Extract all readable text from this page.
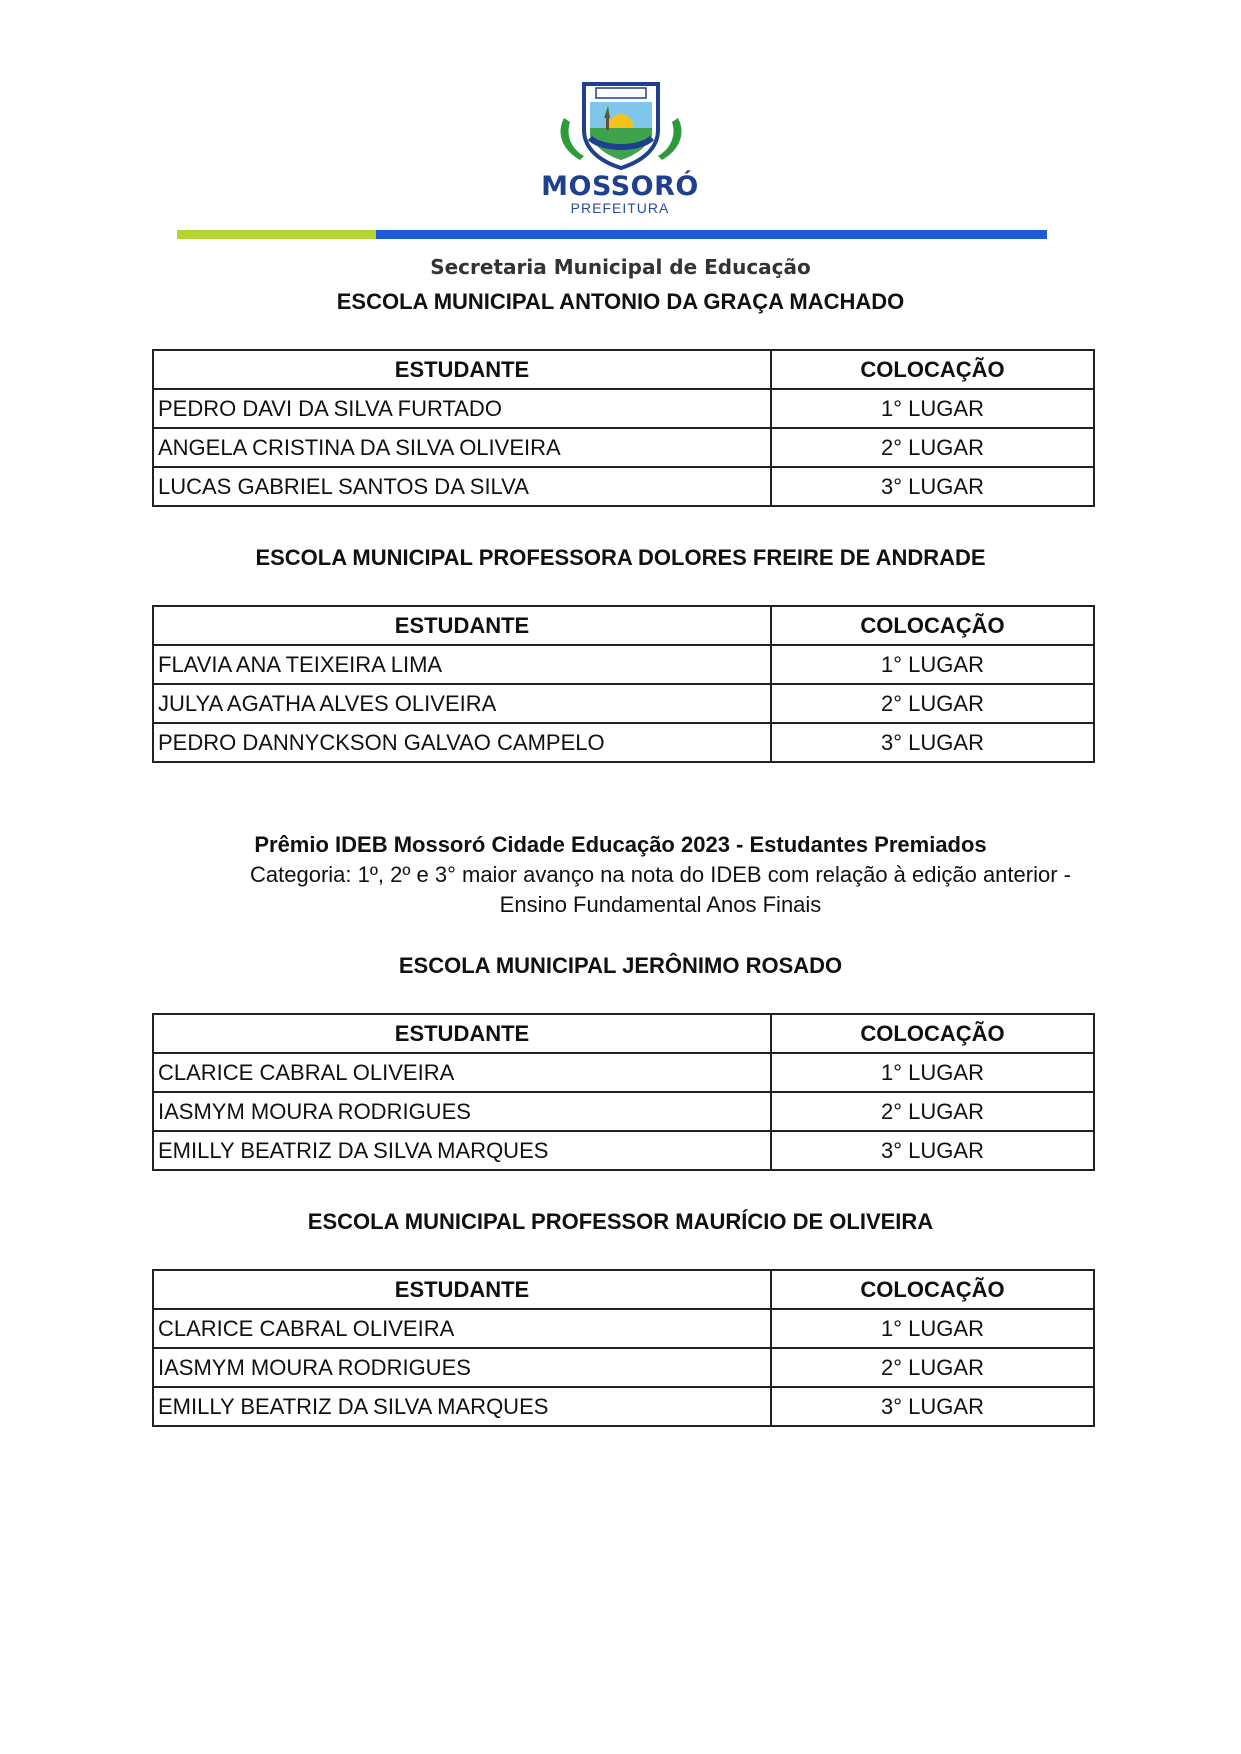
MOSSORÓ
PREFEITURA
Secretaria Municipal de Educação
ESCOLA MUNICIPAL ANTONIO DA GRAÇA MACHADO
ESTUDANTE	COLOCAÇÃO
PEDRO DAVI DA SILVA FURTADO	1° LUGAR
ANGELA CRISTINA DA SILVA OLIVEIRA	2° LUGAR
LUCAS GABRIEL SANTOS DA SILVA	3° LUGAR
ESCOLA MUNICIPAL PROFESSORA DOLORES FREIRE DE ANDRADE
ESTUDANTE	COLOCAÇÃO
FLAVIA ANA TEIXEIRA LIMA	1° LUGAR
JULYA AGATHA ALVES OLIVEIRA	2° LUGAR
PEDRO DANNYCKSON GALVAO CAMPELO	3° LUGAR
Prêmio IDEB Mossoró Cidade Educação 2023 - Estudantes Premiados
Categoria: 1º, 2º e 3° maior avanço na nota do IDEB com relação à edição anterior -
Ensino Fundamental Anos Finais
ESCOLA MUNICIPAL JERÔNIMO ROSADO
ESTUDANTE	COLOCAÇÃO
CLARICE CABRAL OLIVEIRA	1° LUGAR
IASMYM MOURA RODRIGUES	2° LUGAR
EMILLY BEATRIZ DA SILVA MARQUES	3° LUGAR
ESCOLA MUNICIPAL PROFESSOR MAURÍCIO DE OLIVEIRA
ESTUDANTE	COLOCAÇÃO
CLARICE CABRAL OLIVEIRA	1° LUGAR
IASMYM MOURA RODRIGUES	2° LUGAR
EMILLY BEATRIZ DA SILVA MARQUES	3° LUGAR
